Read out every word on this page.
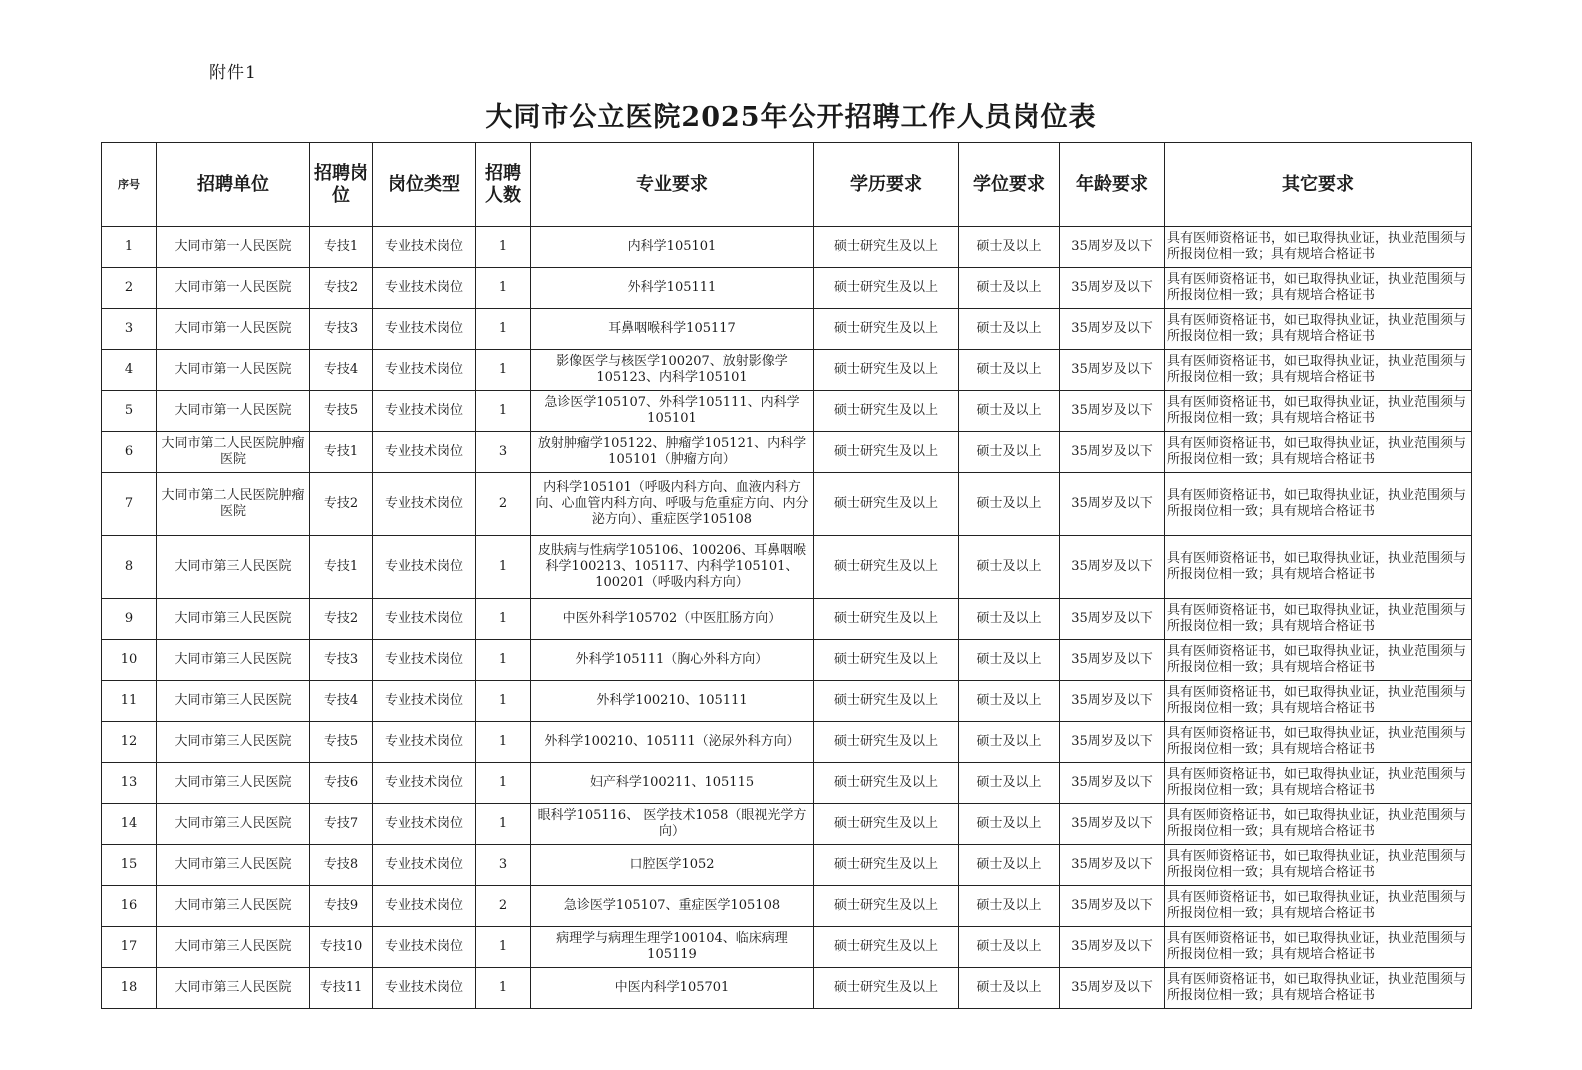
附件1
大同市公立医院2025年公开招聘工作人员岗位表
序号	招聘单位	招聘岗位	岗位类型	招聘人数	专业要求	学历要求	学位要求	年龄要求	其它要求
1	大同市第一人民医院	专技1	专业技术岗位	1	内科学105101	硕士研究生及以上	硕士及以上	35周岁及以下	具有医师资格证书，如已取得执业证，执业范围须与所报岗位相一致；具有规培合格证书
2	大同市第一人民医院	专技2	专业技术岗位	1	外科学105111	硕士研究生及以上	硕士及以上	35周岁及以下	具有医师资格证书，如已取得执业证，执业范围须与所报岗位相一致；具有规培合格证书
3	大同市第一人民医院	专技3	专业技术岗位	1	耳鼻咽喉科学105117	硕士研究生及以上	硕士及以上	35周岁及以下	具有医师资格证书，如已取得执业证，执业范围须与所报岗位相一致；具有规培合格证书
4	大同市第一人民医院	专技4	专业技术岗位	1	影像医学与核医学100207、放射影像学105123、内科学105101	硕士研究生及以上	硕士及以上	35周岁及以下	具有医师资格证书，如已取得执业证，执业范围须与所报岗位相一致；具有规培合格证书
5	大同市第一人民医院	专技5	专业技术岗位	1	急诊医学105107、外科学105111、内科学105101	硕士研究生及以上	硕士及以上	35周岁及以下	具有医师资格证书，如已取得执业证，执业范围须与所报岗位相一致；具有规培合格证书
6	大同市第二人民医院肿瘤医院	专技1	专业技术岗位	3	放射肿瘤学105122、肿瘤学105121、内科学105101（肿瘤方向）	硕士研究生及以上	硕士及以上	35周岁及以下	具有医师资格证书，如已取得执业证，执业范围须与所报岗位相一致；具有规培合格证书
7	大同市第二人民医院肿瘤医院	专技2	专业技术岗位	2	内科学105101（呼吸内科方向、血液内科方向、心血管内科方向、呼吸与危重症方向、内分泌方向）、重症医学105108	硕士研究生及以上	硕士及以上	35周岁及以下	具有医师资格证书，如已取得执业证，执业范围须与所报岗位相一致；具有规培合格证书
8	大同市第三人民医院	专技1	专业技术岗位	1	皮肤病与性病学105106、100206、耳鼻咽喉科学100213、105117、内科学105101、100201（呼吸内科方向）	硕士研究生及以上	硕士及以上	35周岁及以下	具有医师资格证书，如已取得执业证，执业范围须与所报岗位相一致；具有规培合格证书
9	大同市第三人民医院	专技2	专业技术岗位	1	中医外科学105702（中医肛肠方向）	硕士研究生及以上	硕士及以上	35周岁及以下	具有医师资格证书，如已取得执业证，执业范围须与所报岗位相一致；具有规培合格证书
10	大同市第三人民医院	专技3	专业技术岗位	1	外科学105111（胸心外科方向）	硕士研究生及以上	硕士及以上	35周岁及以下	具有医师资格证书，如已取得执业证，执业范围须与所报岗位相一致；具有规培合格证书
11	大同市第三人民医院	专技4	专业技术岗位	1	外科学100210、105111	硕士研究生及以上	硕士及以上	35周岁及以下	具有医师资格证书，如已取得执业证，执业范围须与所报岗位相一致；具有规培合格证书
12	大同市第三人民医院	专技5	专业技术岗位	1	外科学100210、105111（泌尿外科方向）	硕士研究生及以上	硕士及以上	35周岁及以下	具有医师资格证书，如已取得执业证，执业范围须与所报岗位相一致；具有规培合格证书
13	大同市第三人民医院	专技6	专业技术岗位	1	妇产科学100211、105115	硕士研究生及以上	硕士及以上	35周岁及以下	具有医师资格证书，如已取得执业证，执业范围须与所报岗位相一致；具有规培合格证书
14	大同市第三人民医院	专技7	专业技术岗位	1	眼科学105116、 医学技术1058（眼视光学方向）	硕士研究生及以上	硕士及以上	35周岁及以下	具有医师资格证书，如已取得执业证，执业范围须与所报岗位相一致；具有规培合格证书
15	大同市第三人民医院	专技8	专业技术岗位	3	口腔医学1052	硕士研究生及以上	硕士及以上	35周岁及以下	具有医师资格证书，如已取得执业证，执业范围须与所报岗位相一致；具有规培合格证书
16	大同市第三人民医院	专技9	专业技术岗位	2	急诊医学105107、重症医学105108	硕士研究生及以上	硕士及以上	35周岁及以下	具有医师资格证书，如已取得执业证，执业范围须与所报岗位相一致；具有规培合格证书
17	大同市第三人民医院	专技10	专业技术岗位	1	病理学与病理生理学100104、临床病理105119	硕士研究生及以上	硕士及以上	35周岁及以下	具有医师资格证书，如已取得执业证，执业范围须与所报岗位相一致；具有规培合格证书
18	大同市第三人民医院	专技11	专业技术岗位	1	中医内科学105701	硕士研究生及以上	硕士及以上	35周岁及以下	具有医师资格证书，如已取得执业证，执业范围须与所报岗位相一致；具有规培合格证书
